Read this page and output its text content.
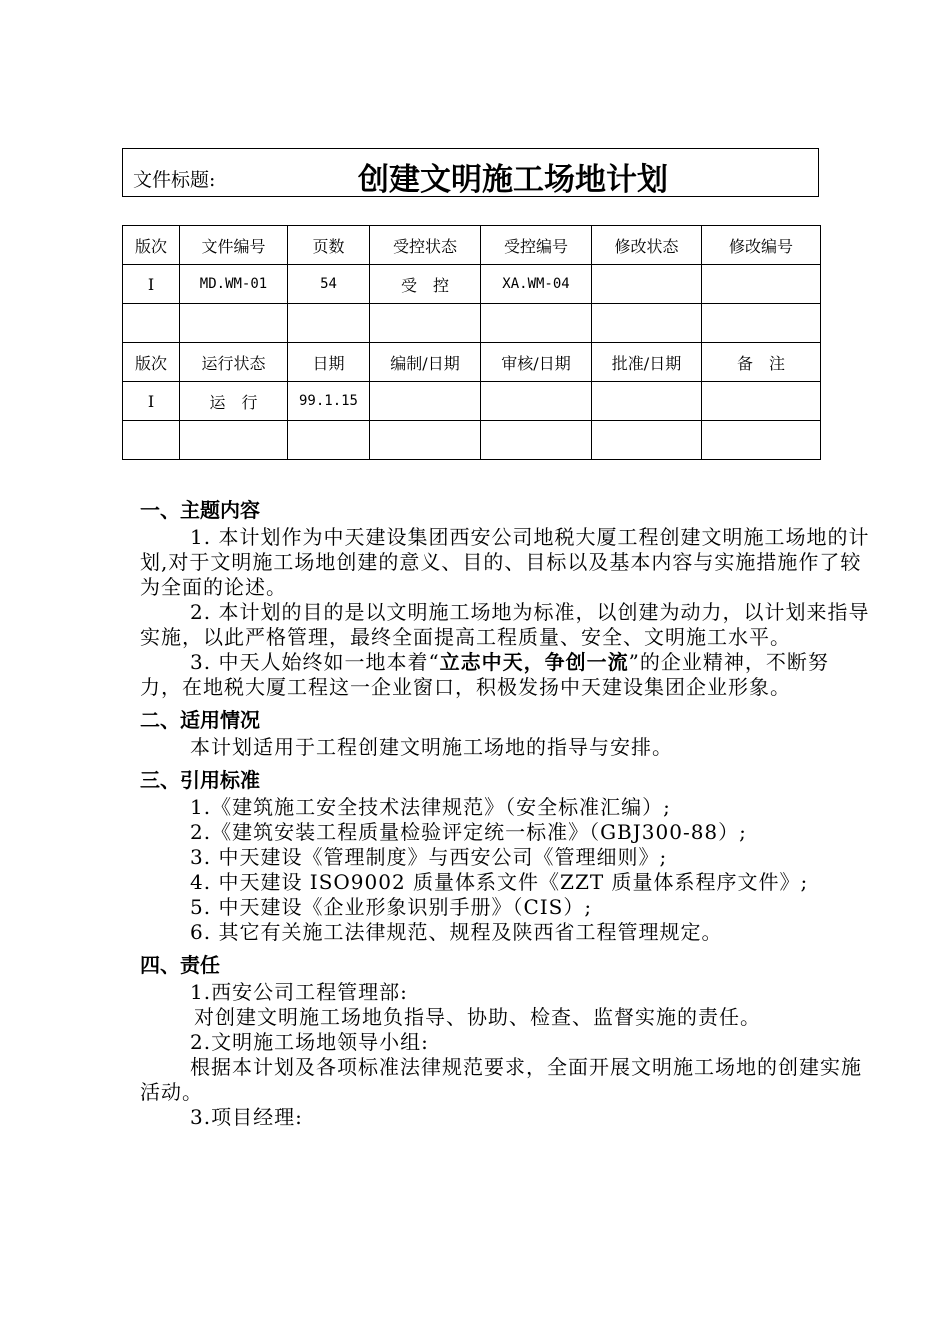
文件标题:	创建文明施工场地计划
版次	文件编号	页数	受控状态	受控编号	修改状态	修改编号
I	MD.WM-01	54	受　控	XA.WM-04		

版次	运行状态	日期	编制/日期	审核/日期	批准/日期	备　注
I	运　行	99.1.15				

一、主题内容

1. 本计划作为中天建设集团西安公司地税大厦工程创建文明施工场地的计划,对于文明施工场地创建的意义、目的、目标以及基本内容与实施措施作了较为全面的论述。

2. 本计划的目的是以文明施工场地为标准，以创建为动力，以计划来指导实施，以此严格管理，最终全面提高工程质量、安全、文明施工水平。

3. 中天人始终如一地本着“立志中天，争创一流”的企业精神，不断努力，在地税大厦工程这一企业窗口，积极发扬中天建设集团企业形象。

二、适用情况

本计划适用于工程创建文明施工场地的指导与安排。

三、引用标准

1.《建筑施工安全技术法律规范》（安全标准汇编）;

2.《建筑安装工程质量检验评定统一标准》（GBJ300-88）;

3. 中天建设《管理制度》与西安公司《管理细则》;

4. 中天建设 ISO9002 质量体系文件《ZZT 质量体系程序文件》;

5. 中天建设《企业形象识别手册》（CIS）;

6. 其它有关施工法律规范、规程及陕西省工程管理规定。

四、责任

1.西安公司工程管理部:

对创建文明施工场地负指导、协助、检查、监督实施的责任。

2.文明施工场地领导小组:

根据本计划及各项标准法律规范要求，全面开展文明施工场地的创建实施活动。

3.项目经理:
